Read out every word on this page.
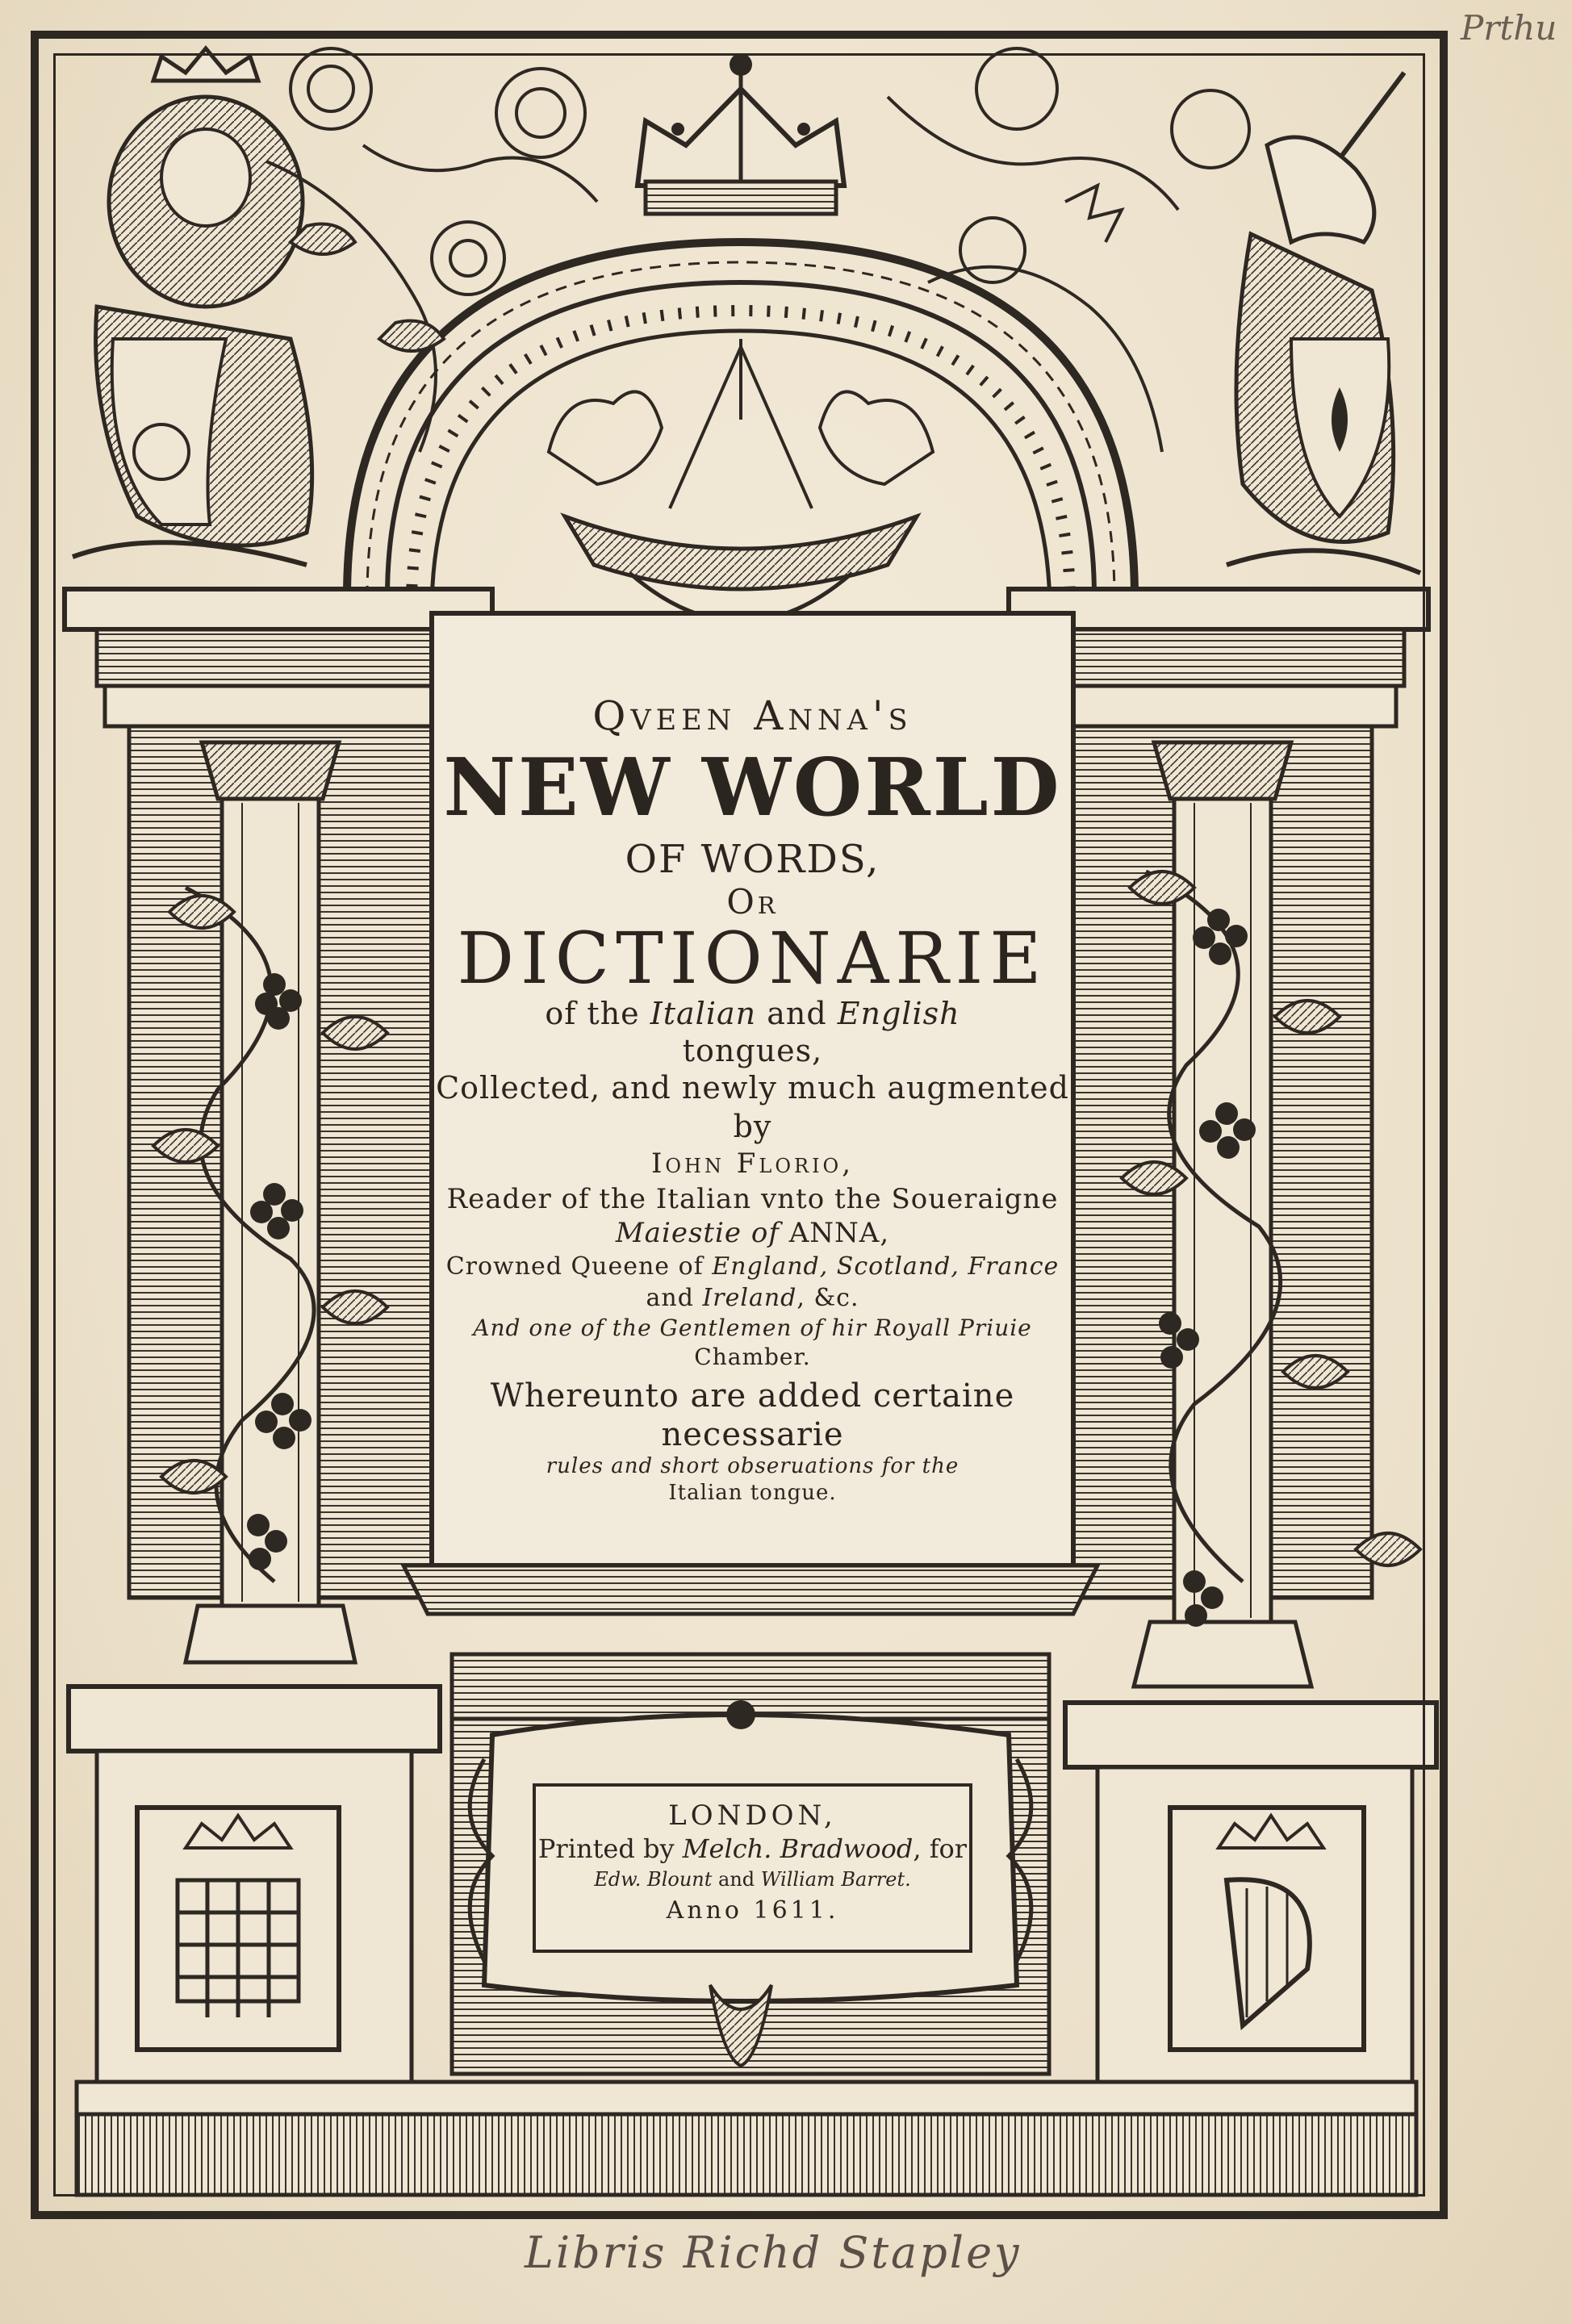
Qveen Anna's
NEW WORLD
OF WORDS,
Or
DICTIONARIE
of the Italian and English
tongues,
Collected, and newly much augmented by
Iohn Florio,
Reader of the Italian vnto the Soueraigne
Maiestie of ANNA,
Crowned Queene of England, Scotland, France
and Ireland, &c.
And one of the Gentlemen of hir Royall Priuie
Chamber.
Whereunto are added certaine necessarie
rules and short obseruations for the
Italian tongue.
LONDON,
Printed by Melch. Bradwood, for
Edw. Blount and William Barret.
Anno 1611.
Libris Richd Stapley
Prthu
